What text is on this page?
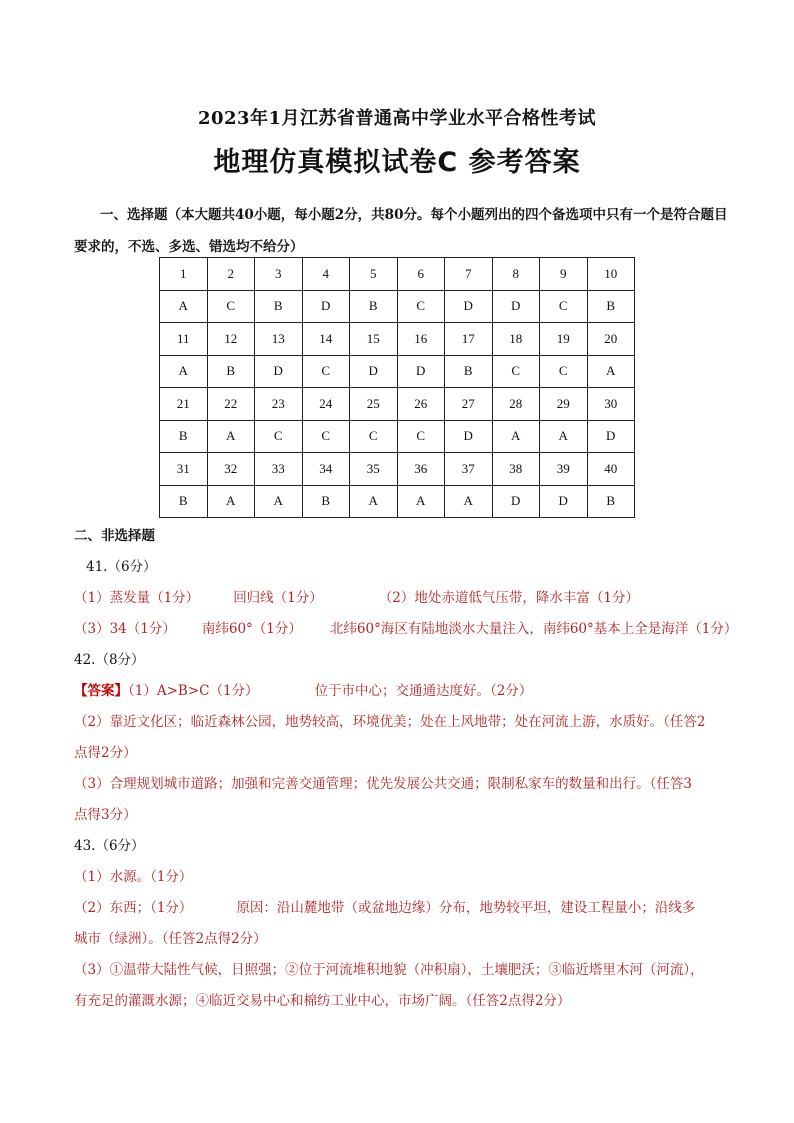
2023年1月江苏省普通高中学业水平合格性考试
地理仿真模拟试卷C 参考答案
一、选择题（本大题共40小题，每小题2分，共80分。每个小题列出的四个备选项中只有一个是符合题目要求的，不选、多选、错选均不给分）
1	2	3	4	5	6	7	8	9	10
A	C	B	D	B	C	D	D	C	B
11	12	13	14	15	16	17	18	19	20
A	B	D	C	D	D	B	C	C	A
21	22	23	24	25	26	27	28	29	30
B	A	C	C	C	C	D	A	A	D
31	32	33	34	35	36	37	38	39	40
B	A	A	B	A	A	A	D	D	B
二、非选择题
41.（6分）
（1）蒸发量（1分）	回归线（1分）	（2）地处赤道低气压带，降水丰富（1分）
（3）34（1分） 南纬60°（1分） 北纬60°海区有陆地淡水大量注入，南纬60°基本上全是海洋（1分）
42.（8分）
【答案】（1）A>B>C（1分）	位于市中心；交通通达度好。（2分）
（2）靠近文化区；临近森林公园，地势较高，环境优美；处在上风地带；处在河流上游，水质好。（任答2
点得2分）
（3）合理规划城市道路；加强和完善交通管理；优先发展公共交通；限制私家车的数量和出行。（任答3
点得3分）
43.（6分）
（1）水源。（1分）
（2）东西；（1分）	原因：沿山麓地带（或盆地边缘）分布，地势较平坦，建设工程量小；沿线多
城市（绿洲）。（任答2点得2分）
（3）①温带大陆性气候，日照强；②位于河流堆积地貌（冲积扇），土壤肥沃；③临近塔里木河（河流），
有充足的灌溉水源；④临近交易中心和棉纺工业中心，市场广阔。（任答2点得2分）
